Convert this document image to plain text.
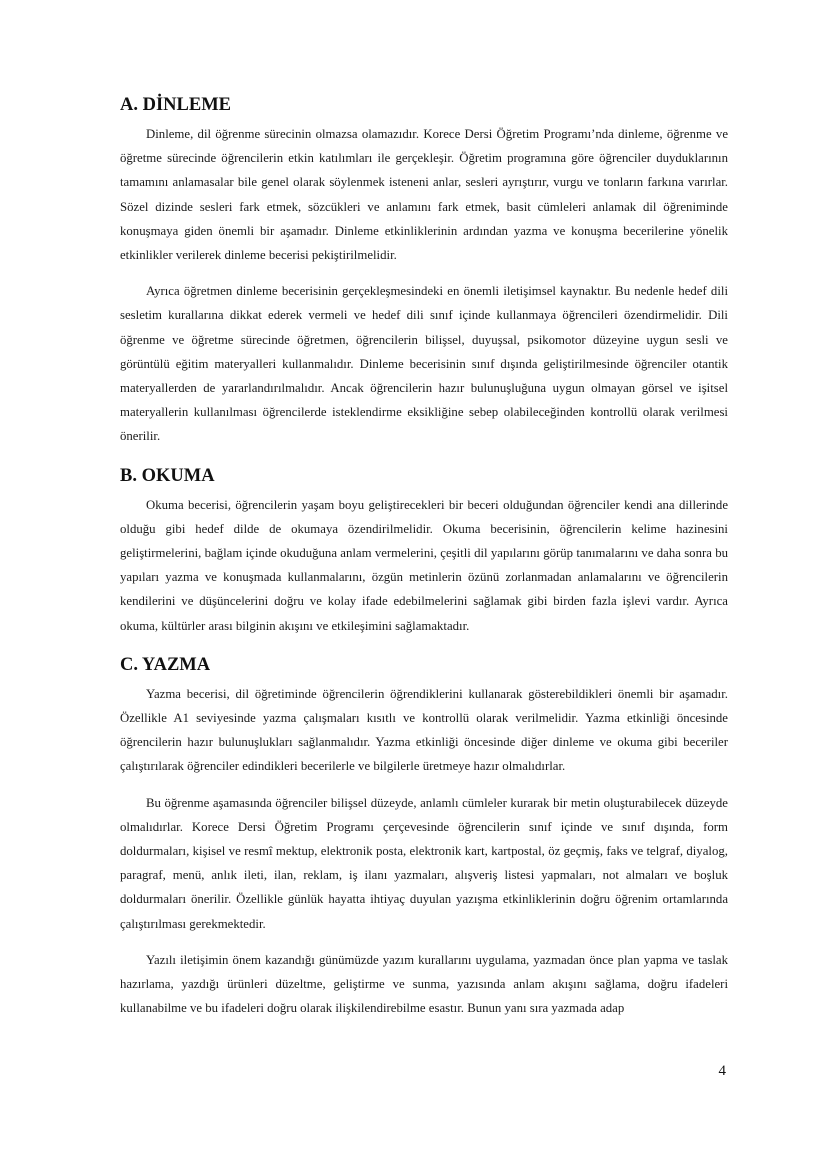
A. DİNLEME

Dinleme, dil öğrenme sürecinin olmazsa olamazıdır. Korece Dersi Öğretim Programı’nda dinleme, öğrenme ve öğretme sürecinde öğrencilerin etkin katılımları ile gerçekleşir. Öğretim programına göre öğrenciler duyduklarının tamamını anlamasalar bile genel olarak söylenmek isteneni anlar, sesleri ayrıştırır, vurgu ve tonların farkına varırlar. Sözel dizinde sesleri fark etmek, sözcükleri ve anlamını fark etmek, basit cümleleri anlamak dil öğreniminde konuşmaya giden önemli bir aşamadır. Dinleme etkinliklerinin ardından yazma ve konuşma becerilerine yönelik etkinlikler verilerek dinleme becerisi pekiştirilmelidir.

Ayrıca öğretmen dinleme becerisinin gerçekleşmesindeki en önemli iletişimsel kaynaktır. Bu nedenle hedef dili sesletim kurallarına dikkat ederek vermeli ve hedef dili sınıf içinde kullanmaya öğrencileri özendirmelidir. Dili öğrenme ve öğretme sürecinde öğretmen, öğrencilerin bilişsel, duyuşsal, psikomotor düzeyine uygun sesli ve görüntülü eğitim materyalleri kullanmalıdır. Dinleme becerisinin sınıf dışında geliştirilmesinde öğrenciler otantik materyallerden de yararlandırılmalıdır. Ancak öğrencilerin hazır bulunuşluğuna uygun olmayan görsel ve işitsel materyallerin kullanılması öğrencilerde isteklendirme eksikliğine sebep olabileceğinden kontrollü olarak verilmesi önerilir.

B. OKUMA

Okuma becerisi, öğrencilerin yaşam boyu geliştirecekleri bir beceri olduğundan öğrenciler kendi ana dillerinde olduğu gibi hedef dilde de okumaya özendirilmelidir. Okuma becerisinin, öğrencilerin kelime hazinesini geliştirmelerini, bağlam içinde okuduğuna anlam vermelerini, çeşitli dil yapılarını görüp tanımalarını ve daha sonra bu yapıları yazma ve konuşmada kullanmalarını, özgün metinlerin özünü zorlanmadan anlamalarını ve öğrencilerin kendilerini ve düşüncelerini doğru ve kolay ifade edebilmelerini sağlamak gibi birden fazla işlevi vardır. Ayrıca okuma, kültürler arası bilginin akışını ve etkileşimini sağlamaktadır.

C. YAZMA

Yazma becerisi, dil öğretiminde öğrencilerin öğrendiklerini kullanarak gösterebildikleri önemli bir aşamadır. Özellikle A1 seviyesinde yazma çalışmaları kısıtlı ve kontrollü olarak verilmelidir. Yazma etkinliği öncesinde öğrencilerin hazır bulunuşlukları sağlanmalıdır. Yazma etkinliği öncesinde diğer dinleme ve okuma gibi beceriler çalıştırılarak öğrenciler edindikleri becerilerle ve bilgilerle üretmeye hazır olmalıdırlar.

Bu öğrenme aşamasında öğrenciler bilişsel düzeyde, anlamlı cümleler kurarak bir metin oluşturabilecek düzeyde olmalıdırlar. Korece Dersi Öğretim Programı çerçevesinde öğrencilerin sınıf içinde ve sınıf dışında, form doldurmaları, kişisel ve resmî mektup, elektronik posta, elektronik kart, kartpostal, öz geçmiş, faks ve telgraf, diyalog, paragraf, menü, anlık ileti, ilan, reklam, iş ilanı yazmaları, alışveriş listesi yapmaları, not almaları ve boşluk doldurmaları önerilir. Özellikle günlük hayatta ihtiyaç duyulan yazışma etkinliklerinin doğru öğrenim ortamlarında çalıştırılması gerekmektedir.

Yazılı iletişimin önem kazandığı günümüzde yazım kurallarını uygulama, yazmadan önce plan yapma ve taslak hazırlama, yazdığı ürünleri düzeltme, geliştirme ve sunma, yazısında anlam akışını sağlama, doğru ifadeleri kullanabilme ve bu ifadeleri doğru olarak ilişkilendirebilme esastır. Bunun yanı sıra yazmada adap

4
